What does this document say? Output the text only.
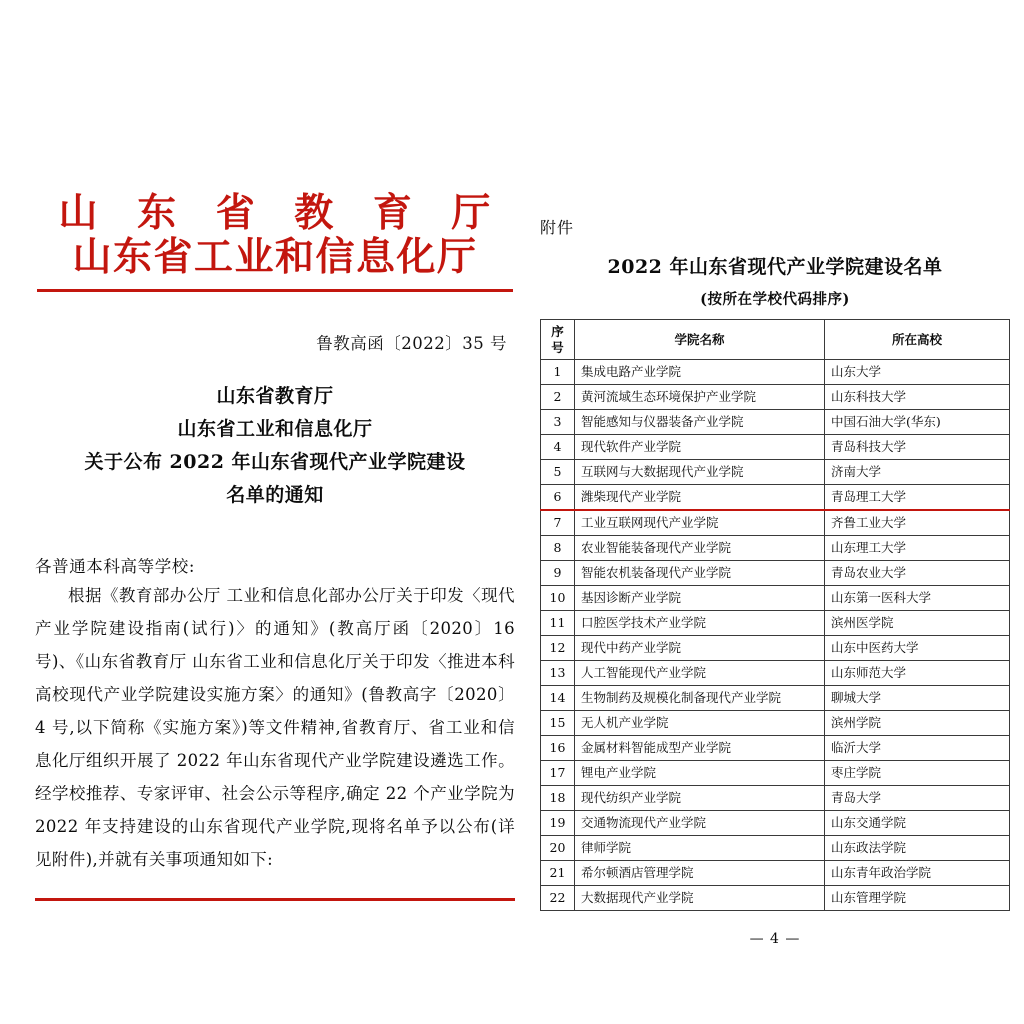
山 东 省 教 育 厅
山东省工业和信息化厅
鲁教高函〔2022〕35 号
山东省教育厅
山东省工业和信息化厅
关于公布 2022 年山东省现代产业学院建设
名单的通知
各普通本科高等学校:

根据《教育部办公厅 工业和信息化部办公厅关于印发〈现代产业学院建设指南(试行)〉的通知》(教高厅函〔2020〕16 号)、《山东省教育厅 山东省工业和信息化厅关于印发〈推进本科高校现代产业学院建设实施方案〉的通知》(鲁教高字〔2020〕4 号,以下简称《实施方案》)等文件精神,省教育厅、省工业和信息化厅组织开展了 2022 年山东省现代产业学院建设遴选工作。经学校推荐、专家评审、社会公示等程序,确定 22 个产业学院为 2022 年支持建设的山东省现代产业学院,现将名单予以公布(详见附件),并就有关事项通知如下:

附件
2022 年山东省现代产业学院建设名单
(按所在学校代码排序)
序号	学院名称	所在高校
1	集成电路产业学院	山东大学
2	黄河流域生态环境保护产业学院	山东科技大学
3	智能感知与仪器装备产业学院	中国石油大学(华东)
4	现代软件产业学院	青岛科技大学
5	互联网与大数据现代产业学院	济南大学
6	潍柴现代产业学院	青岛理工大学
7	工业互联网现代产业学院	齐鲁工业大学
8	农业智能装备现代产业学院	山东理工大学
9	智能农机装备现代产业学院	青岛农业大学
10	基因诊断产业学院	山东第一医科大学
11	口腔医学技术产业学院	滨州医学院
12	现代中药产业学院	山东中医药大学
13	人工智能现代产业学院	山东师范大学
14	生物制药及规模化制备现代产业学院	聊城大学
15	无人机产业学院	滨州学院
16	金属材料智能成型产业学院	临沂大学
17	锂电产业学院	枣庄学院
18	现代纺织产业学院	青岛大学
19	交通物流现代产业学院	山东交通学院
20	律师学院	山东政法学院
21	希尔顿酒店管理学院	山东青年政治学院
22	大数据现代产业学院	山东管理学院
— 4 —
